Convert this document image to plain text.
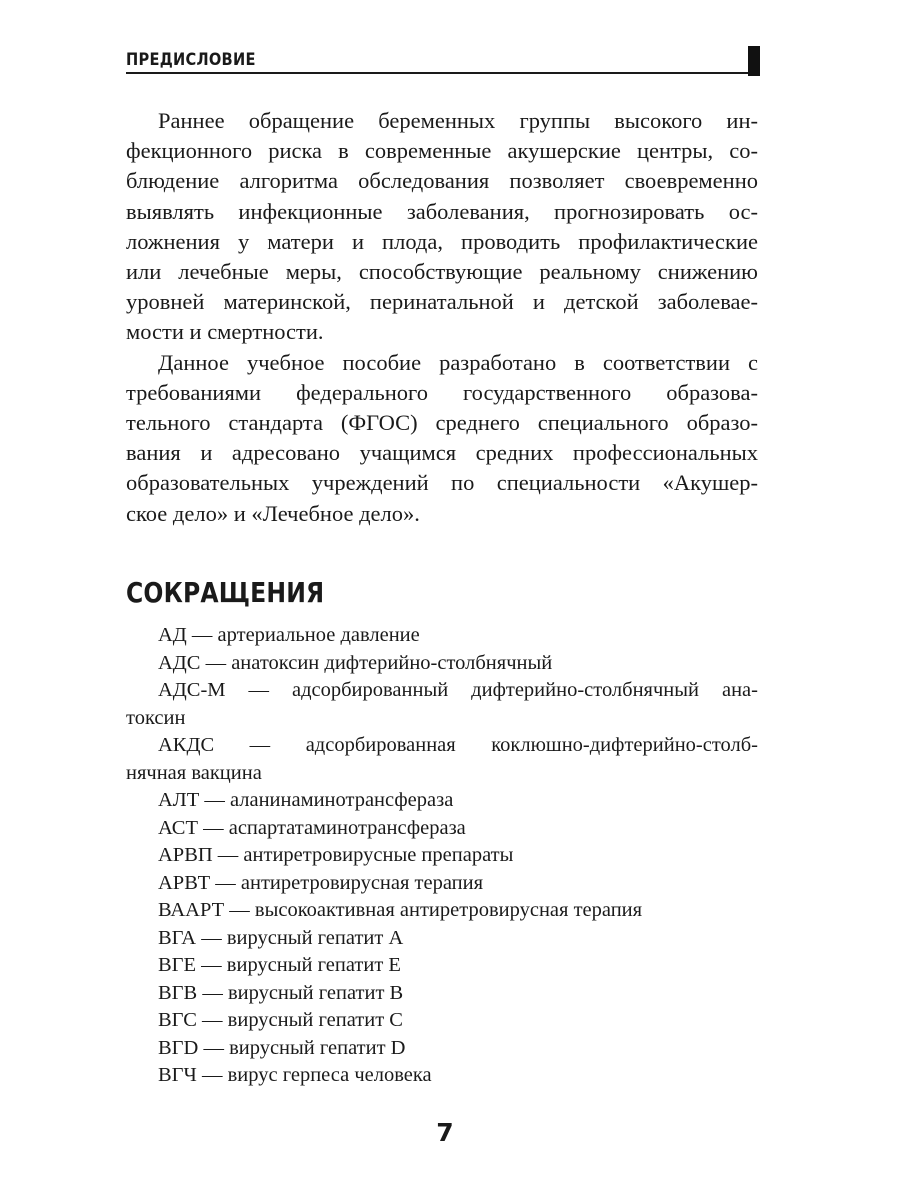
ПРЕДИСЛОВИЕ
Раннее обращение беременных группы высокого ин-
фекционного риска в современные акушерские центры, со-
блюдение алгоритма обследования позволяет своевременно
выявлять инфекционные заболевания, прогнозировать ос-
ложнения у матери и плода, проводить профилактические
или лечебные меры, способствующие реальному снижению
уровней материнской, перинатальной и детской заболевае-
мости и смертности.
Данное учебное пособие разработано в соответствии с
требованиями федерального государственного образова-
тельного стандарта (ФГОС) среднего специального образо-
вания и адресовано учащимся средних профессиональных
образовательных учреждений по специальности «Акушер-
ское дело» и «Лечебное дело».
СОКРАЩЕНИЯ
АД — артериальное давление
АДС — анатоксин дифтерийно-столбнячный
АДС-М — адсорбированный дифтерийно-столбнячный ана-
токсин
АКДС — адсорбированная коклюшно-дифтерийно-столб-
нячная вакцина
АЛТ — аланинаминотрансфераза
АСТ — аспартатаминотрансфераза
АРВП — антиретровирусные препараты
АРВТ — антиретровирусная терапия
ВААРТ — высокоактивная антиретровирусная терапия
ВГА — вирусный гепатит A
ВГЕ — вирусный гепатит E
ВГВ — вирусный гепатит B
ВГС — вирусный гепатит C
ВГD — вирусный гепатит D
ВГЧ — вирус герпеса человека
7
